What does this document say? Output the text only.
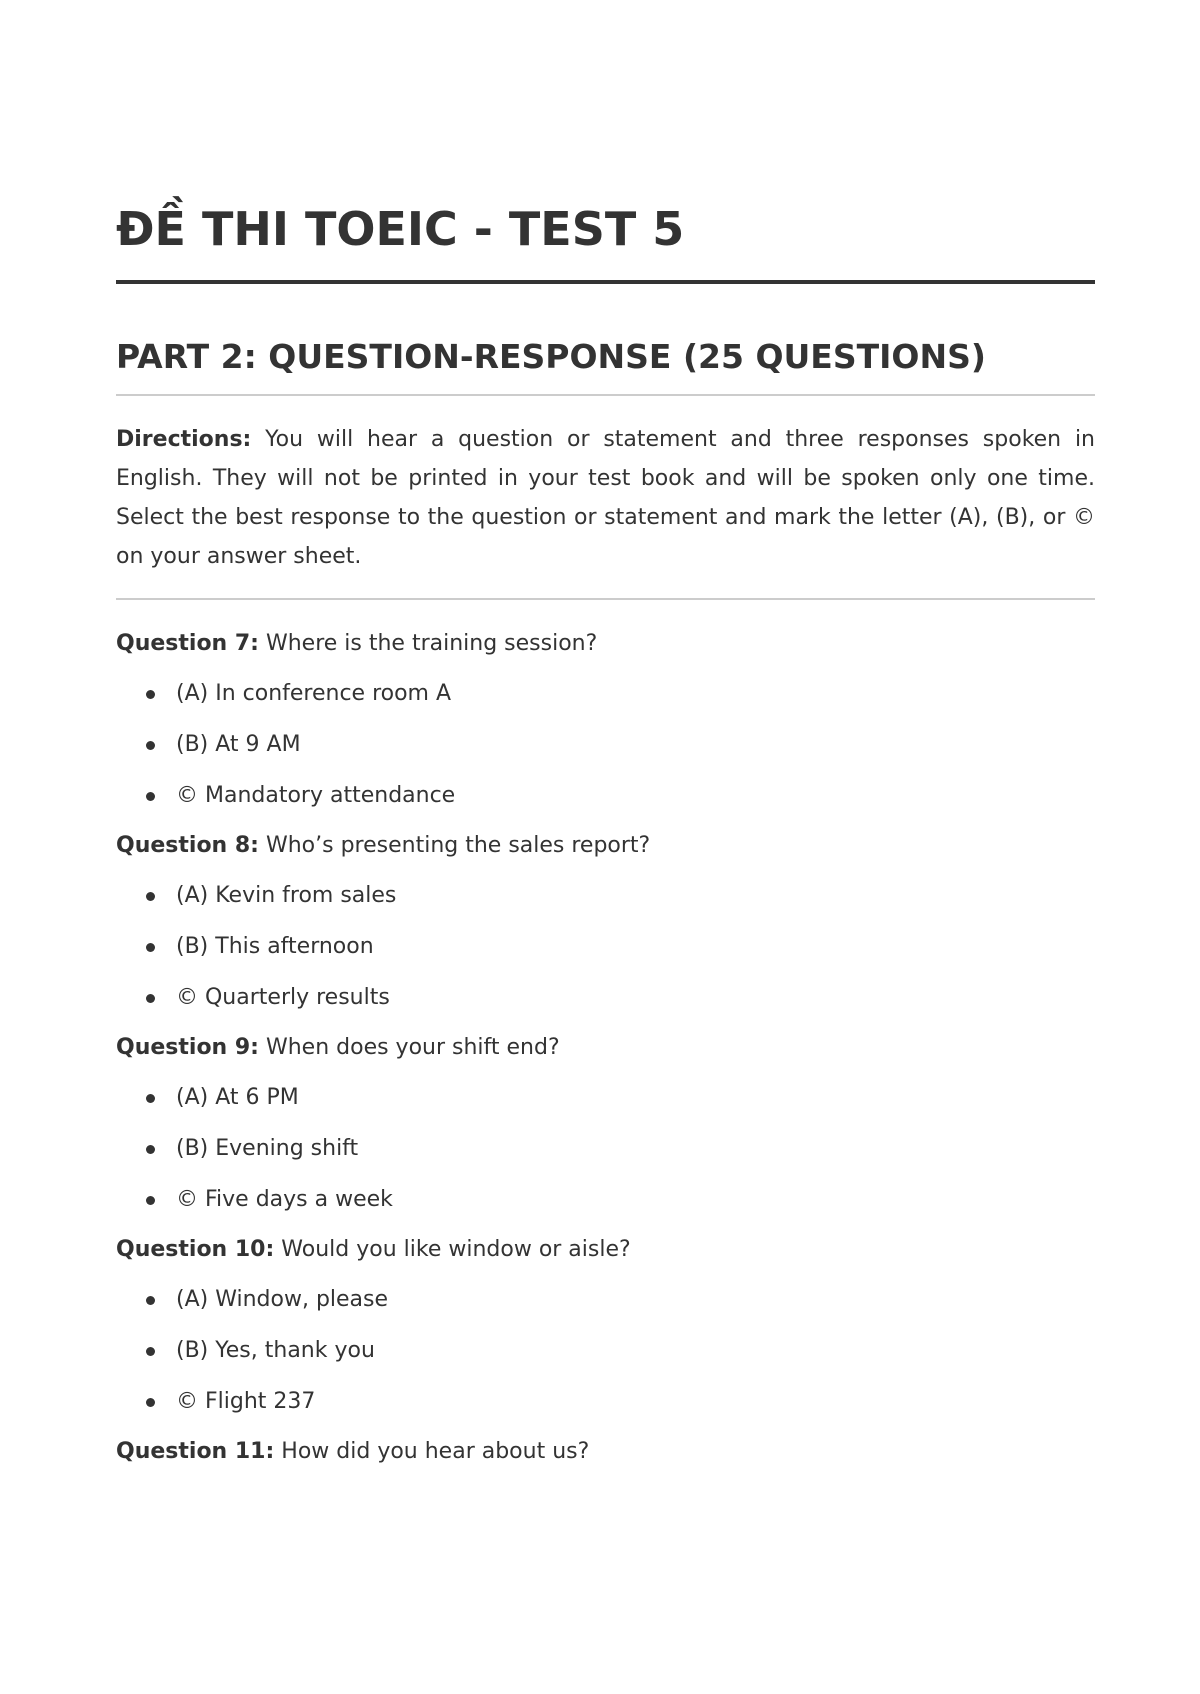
ĐỀ THI TOEIC - TEST 5
PART 2: QUESTION-RESPONSE (25 QUESTIONS)

Directions: You will hear a question or statement and three responses spoken in English. They will not be printed in your test book and will be spoken only one time. Select the best response to the question or statement and mark the letter (A), (B), or © on your answer sheet.

Question 7: Where is the training session?

(A) In conference room A
(B) At 9 AM
© Mandatory attendance

Question 8: Who’s presenting the sales report?

(A) Kevin from sales
(B) This afternoon
© Quarterly results

Question 9: When does your shift end?

(A) At 6 PM
(B) Evening shift
© Five days a week

Question 10: Would you like window or aisle?

(A) Window, please
(B) Yes, thank you
© Flight 237

Question 11: How did you hear about us?
